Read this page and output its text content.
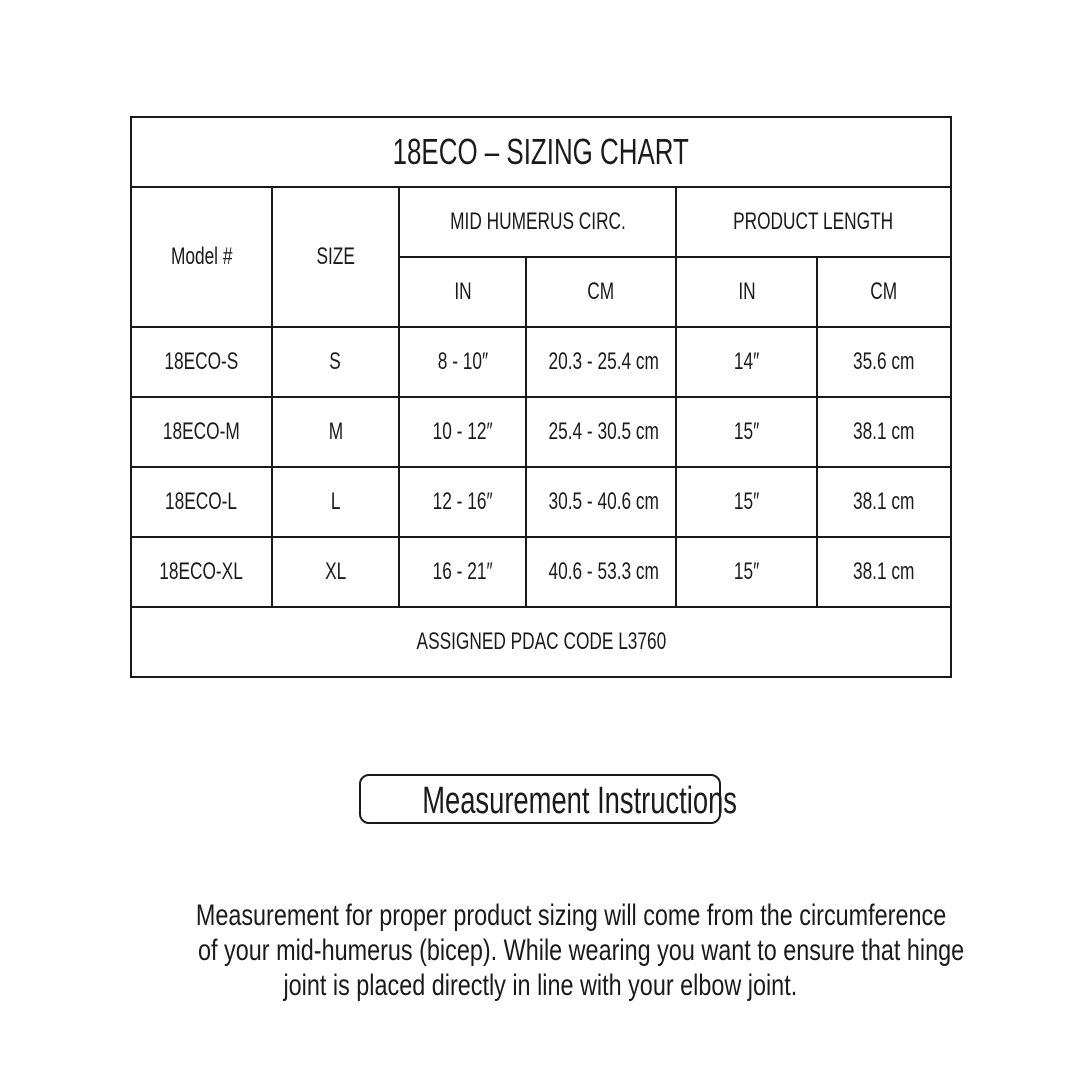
18ECO – SIZING CHART					
Model #	SIZE	MID HUMERUS CIRC.		PRODUCT LENGTH	
		IN	CM	IN	CM
18ECO-S	S	8 - 10″	20.3 - 25.4 cm	14″	35.6 cm
18ECO-M	M	10 - 12″	25.4 - 30.5 cm	15″	38.1 cm
18ECO-L	L	12 - 16″	30.5 - 40.6 cm	15″	38.1 cm
18ECO-XL	XL	16 - 21″	40.6 - 53.3 cm	15″	38.1 cm
ASSIGNED PDAC CODE L3760					
Measurement Instructions
Measurement for proper product sizing will come from the circumference
of your mid-humerus (bicep). While wearing you want to ensure that hinge
joint is placed directly in line with your elbow joint.
